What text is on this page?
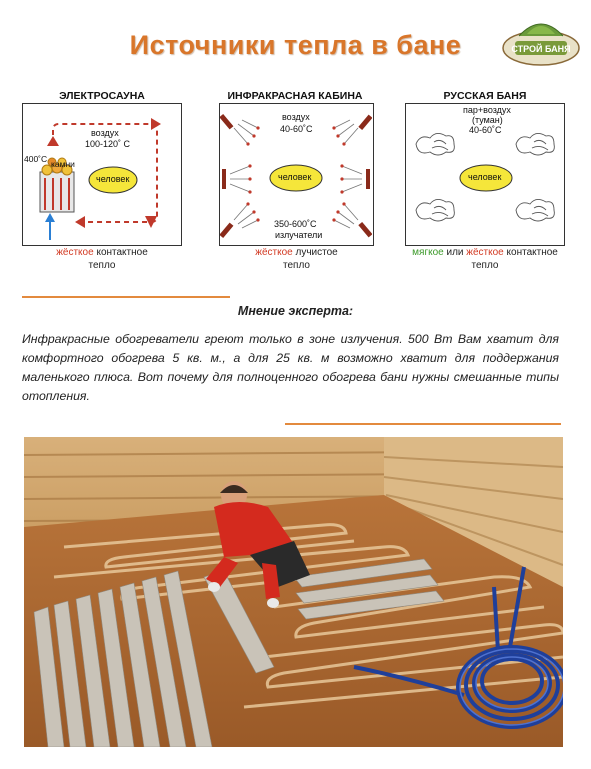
Источники тепла в бане	СТРОЙ БАНЯ
ЭЛЕКТРОСАУНА
воздух
100-120˚ С
400˚С камни
человек
жёсткое контактное
тепло
ИНФРАКРАСНАЯ КАБИНА
воздух
40-60˚С
человек
350-600˚С
излучатели
жёсткое лучистое
тепло
РУССКАЯ БАНЯ
пар+воздух
(туман)
40-60˚С
человек
мягкое или жёсткое контактное
тепло
Мнение эксперта:
Инфракрасные обогреватели греют только в зоне излучения. 500 Вт Вам хватит для комфортного обогрева 5 кв. м., а для 25 кв. м возможно хватит для поддержания маленького плюса. Вот почему для полноценного обогрева бани нужны смешанные типы отопления.
